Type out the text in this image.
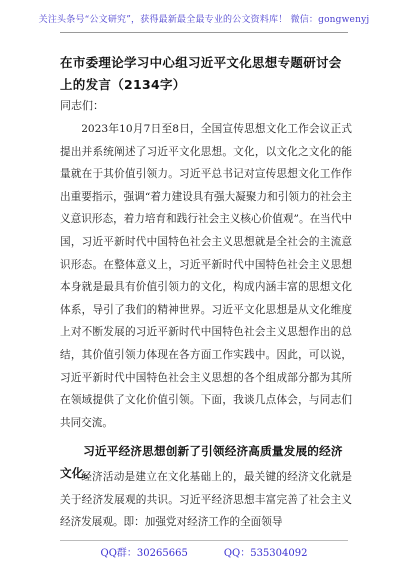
关注头条号“公文研究”，获得最新最全最专业的公文资料库！ 微信：gongwenyj
在市委理论学习中心组习近平文化思想专题研讨会上的发言（2134字）
同志们：

2023年10月7日至8日，全国宣传思想文化工作会议正式提出并系统阐述了习近平文化思想。文化，以文化之文化的能量就在于其价值引领力。习近平总书记对宣传思想文化工作作出重要指示，强调“着力建设具有强大凝聚力和引领力的社会主义意识形态，着力培育和践行社会主义核心价值观”。在当代中国，习近平新时代中国特色社会主义思想就是全社会的主流意识形态。在整体意义上，习近平新时代中国特色社会主义思想本身就是最具有价值引领力的文化，构成内涵丰富的思想文化体系，导引了我们的精神世界。习近平文化思想是从文化维度上对不断发展的习近平新时代中国特色社会主义思想作出的总结，其价值引领力体现在各方面工作实践中。因此，可以说，习近平新时代中国特色社会主义思想的各个组成部分都为其所在领域提供了文化价值引领。下面，我谈几点体会，与同志们共同交流。

习近平经济思想创新了引领经济高质量发展的经济文化。

经济活动是建立在文化基础上的，最关键的经济文化就是关于经济发展观的共识。习近平经济思想丰富完善了社会主义经济发展观。即：加强党对经济工作的全面领导

QQ群：30265665	QQ：535304092
